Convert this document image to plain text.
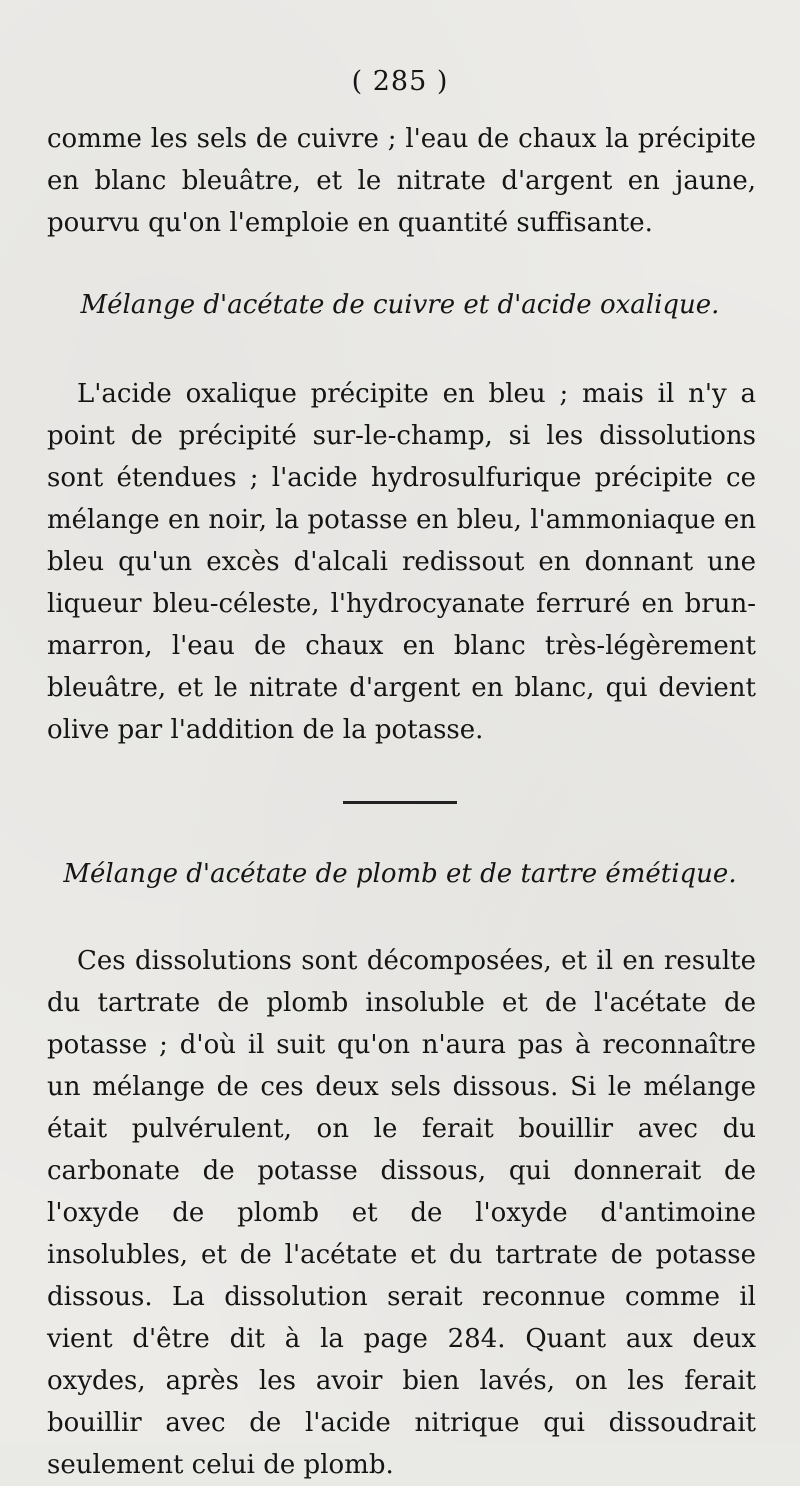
( 285 )

comme les sels de cuivre ; l'eau de chaux la précipite en blanc bleuâtre, et le nitrate d'argent en jaune, pourvu qu'on l'emploie en quantité suffisante.

Mélange d'acétate de cuivre et d'acide oxalique.

L'acide oxalique précipite en bleu ; mais il n'y a point de précipité sur-le-champ, si les dissolutions sont étendues ; l'acide hydrosulfurique précipite ce mélange en noir, la potasse en bleu, l'ammoniaque en bleu qu'un excès d'alcali redissout en donnant une liqueur bleu-céleste, l'hydrocyanate ferruré en brun-marron, l'eau de chaux en blanc très-légèrement bleuâtre, et le nitrate d'argent en blanc, qui devient olive par l'addition de la potasse.

Mélange d'acétate de plomb et de tartre émétique.

Ces dissolutions sont décomposées, et il en resulte du tartrate de plomb insoluble et de l'acétate de potasse ; d'où il suit qu'on n'aura pas à reconnaître un mélange de ces deux sels dissous. Si le mélange était pulvérulent, on le ferait bouillir avec du carbonate de potasse dissous, qui donnerait de l'oxyde de plomb et de l'oxyde d'antimoine insolubles, et de l'acétate et du tartrate de potasse dissous. La dissolution serait reconnue comme il vient d'être dit à la page 284. Quant aux deux oxydes, après les avoir bien lavés, on les ferait bouillir avec de l'acide nitrique qui dissoudrait seulement celui de plomb.
